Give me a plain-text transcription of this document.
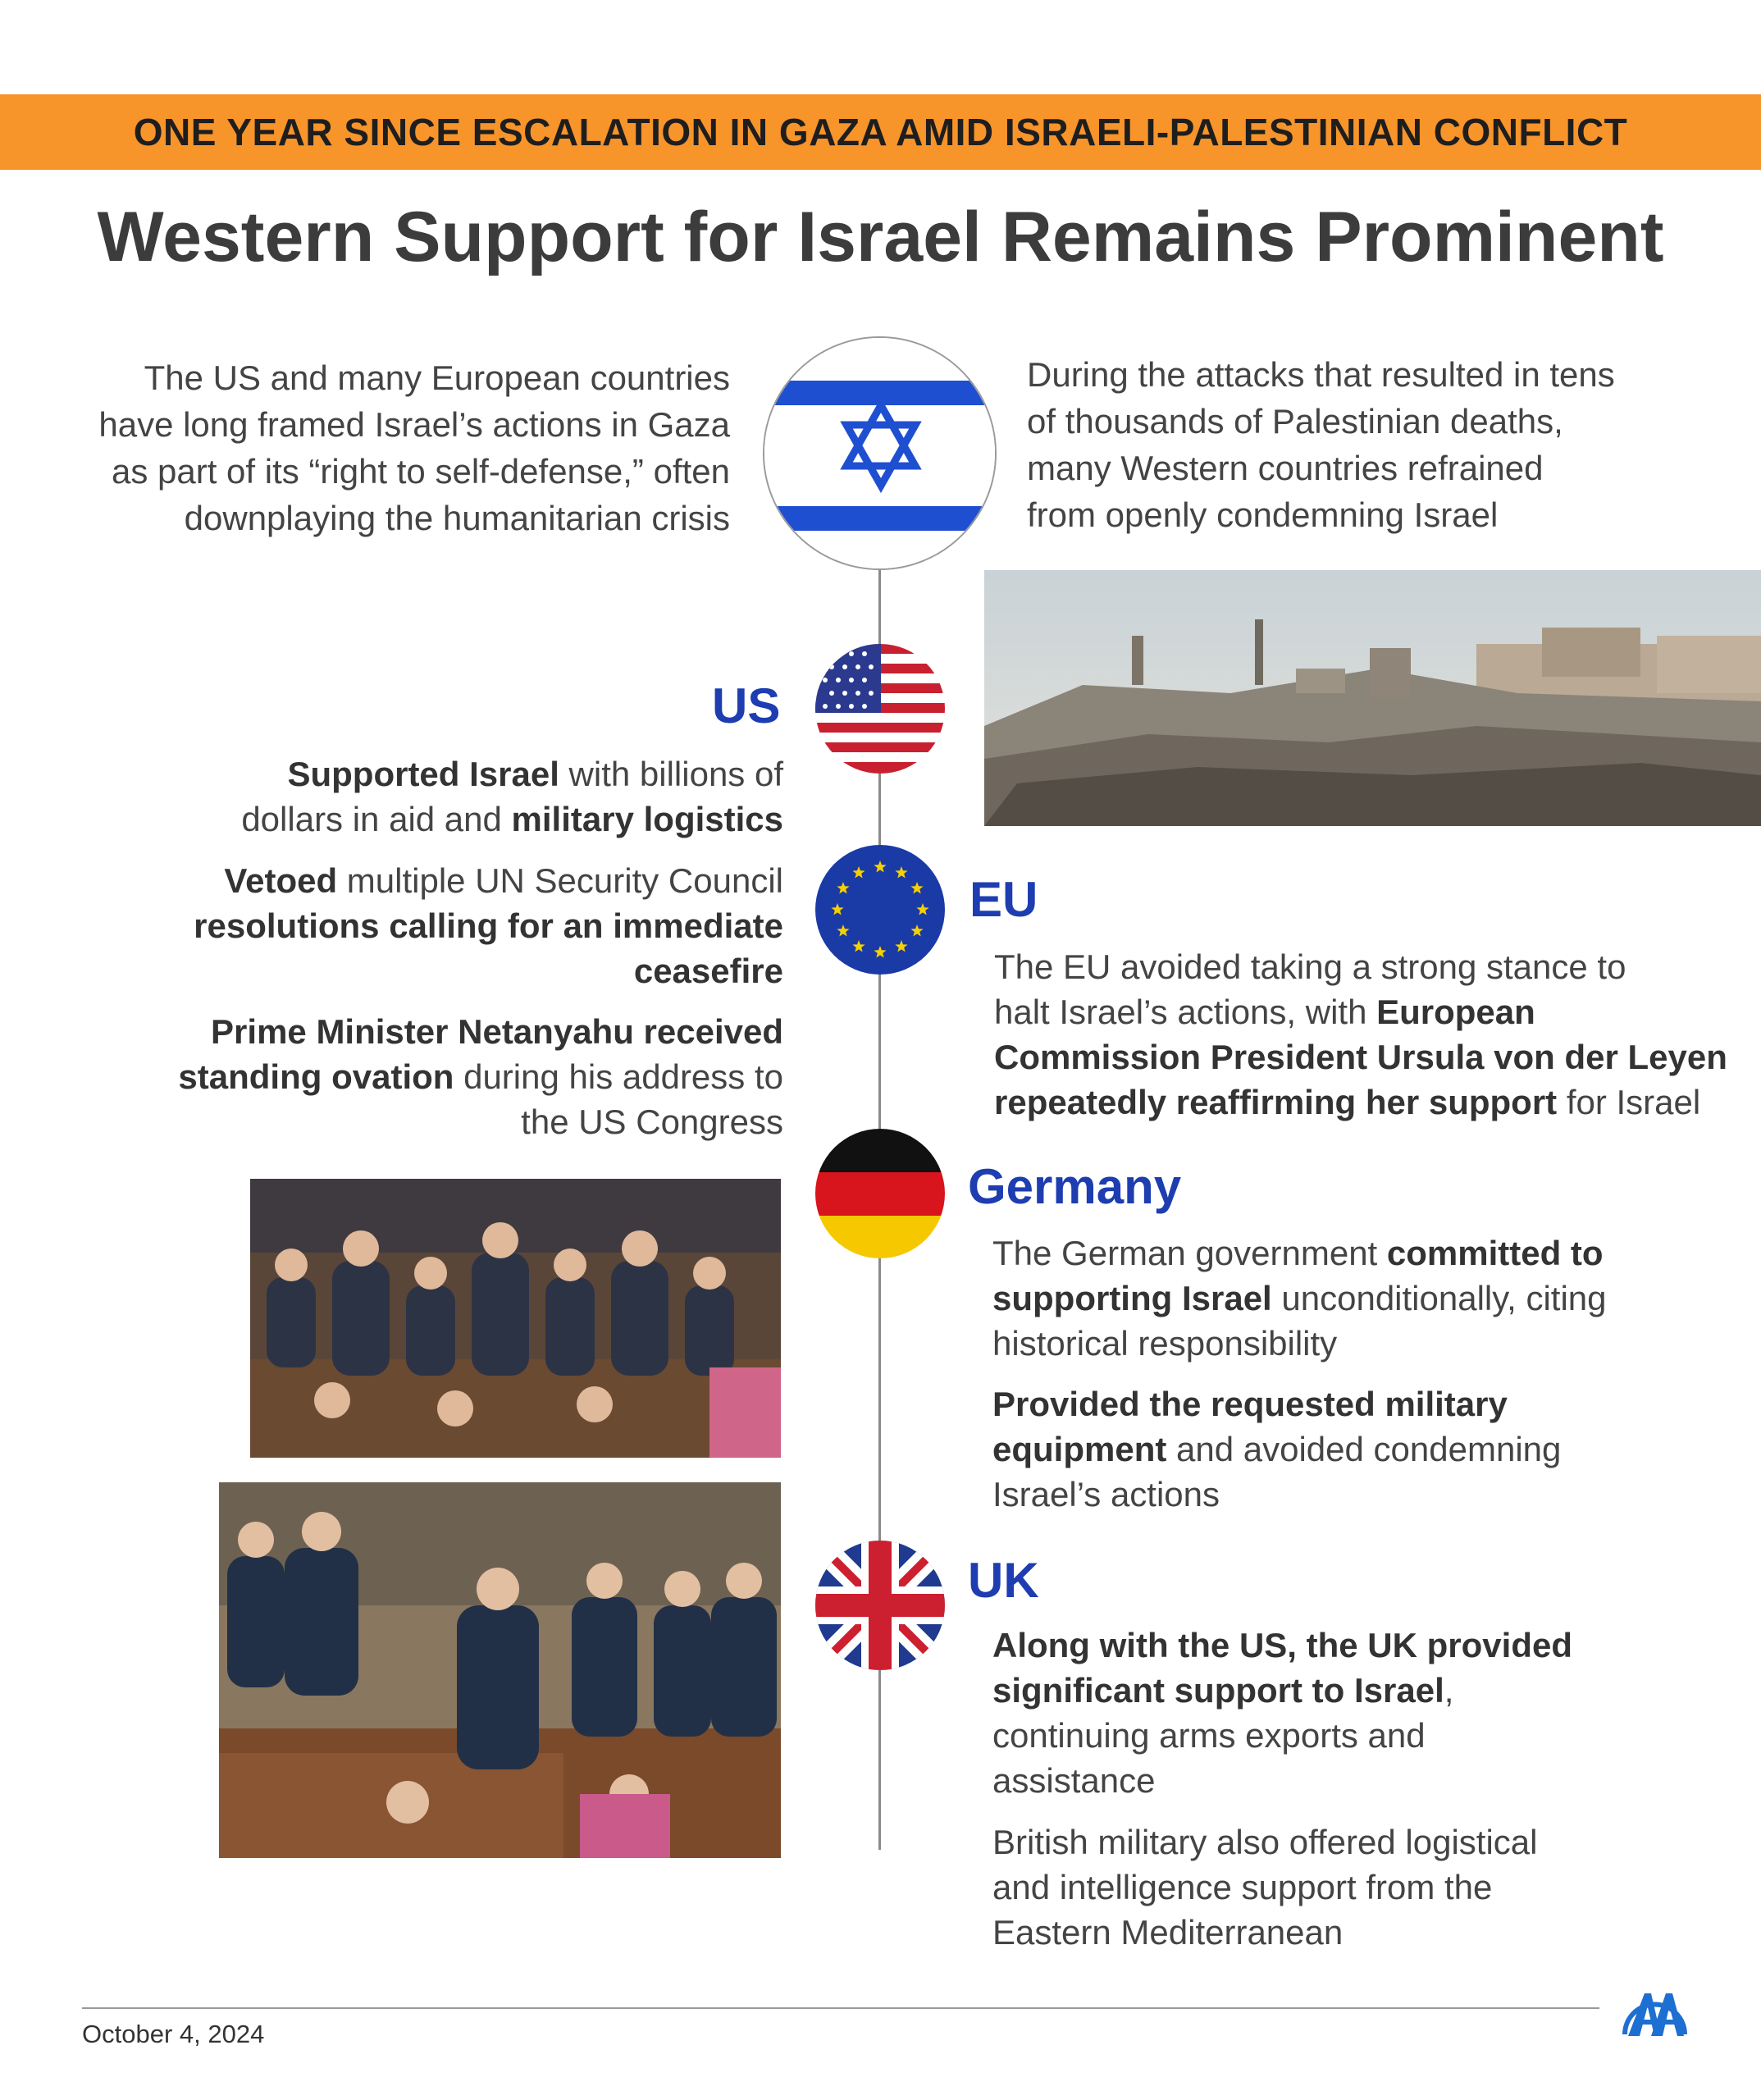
ONE YEAR SINCE ESCALATION IN GAZA AMID ISRAELI-PALESTINIAN CONFLICT
Western Support for Israel Remains Prominent
The US and many European countries
have long framed Israel’s actions in Gaza
as part of its “right to self-defense,” often
downplaying the humanitarian crisis
During the attacks that resulted in tens
of thousands of Palestinian deaths,
many Western countries refrained
from openly condemning Israel
US
Supported Israel with billions of
dollars in aid and military logistics
Vetoed multiple UN Security Council
resolutions calling for an immediate
ceasefire
Prime Minister Netanyahu received
standing ovation during his address to
the US Congress
EU
The EU avoided taking a strong stance to
halt Israel’s actions, with European
Commission President Ursula von der Leyen
repeatedly reaffirming her support for Israel
Germany
The German government committed to
supporting Israel unconditionally, citing
historical responsibility
Provided the requested military
equipment and avoided condemning
Israel’s actions
UK
Along with the US, the UK provided
significant support to Israel,
continuing arms exports and
assistance
British military also offered logistical
and intelligence support from the
Eastern Mediterranean
October 4, 2024
